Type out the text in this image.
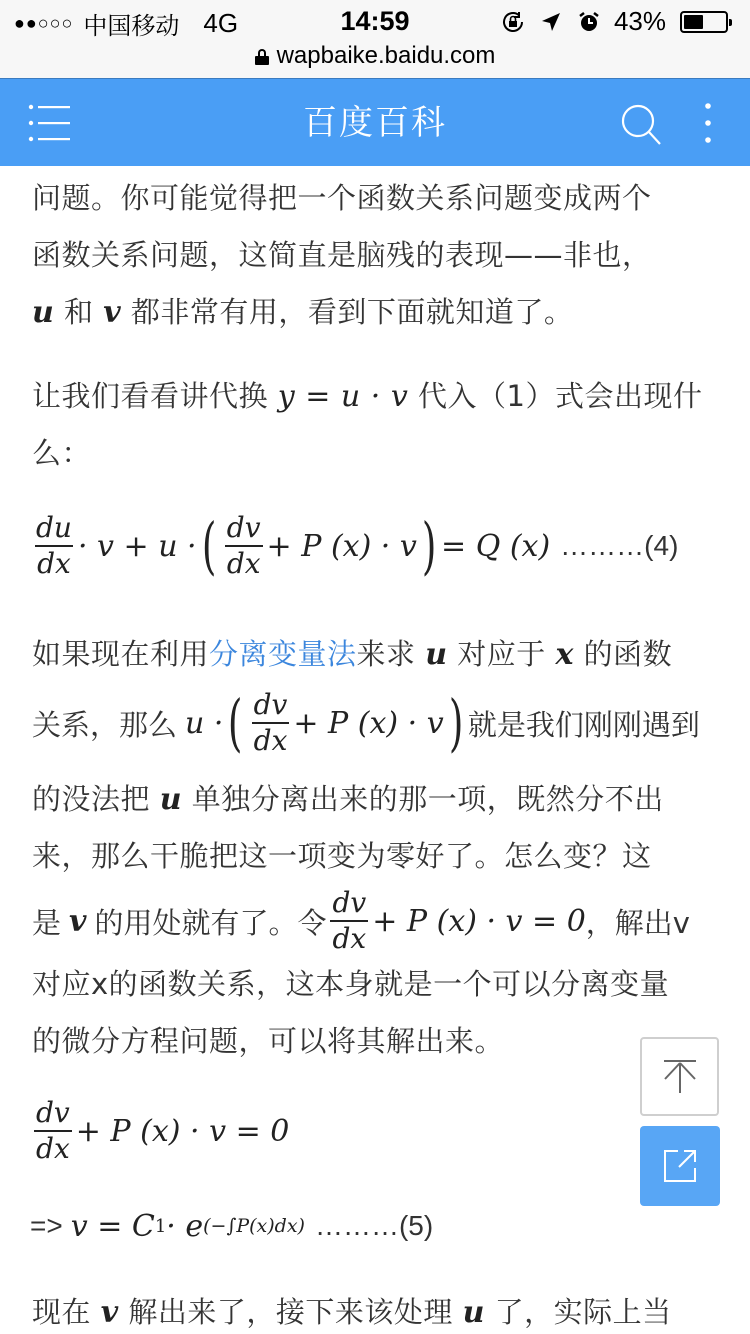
●●○○○ 中国移动 4G	14:59	43%
wapbaike.baidu.com
百度百科
问题。你可能觉得把一个函数关系问题变成两个
函数关系问题，这简直是脑残的表现——非也，
u 和 v 都非常有用，看到下面就知道了。
让我们看看讲代换 y = u · v 代入（1）式会出现什
么：
$\frac{du}{dx} \cdot v + u$ · ( $\frac{dv}{dx} + P$ (x) · v ) = Q (x) ………(4)
如果现在利用分离变量法来求 u 对应于 x 的函数
关系，那么 u · ( $\frac{dv}{dx} + P$ (x) · v ) 就是我们刚刚遇到
的没法把 u 单独分离出来的那一项，既然分不出
来，那么干脆把这一项变为零好了。怎么变？这
是 v 的用处就有了。令 $\frac{dv}{dx} + P$ (x) · v = 0 ，解出v
对应x的函数关系，这本身就是一个可以分离变量
的微分方程问题，可以将其解出来。
$\frac{dv}{dx} + P$ (x) · v = 0
=> v = C 1 · e (−∫P(x)dx) ………(5)
现在 v 解出来了，接下来该处理 u 了，实际上当
